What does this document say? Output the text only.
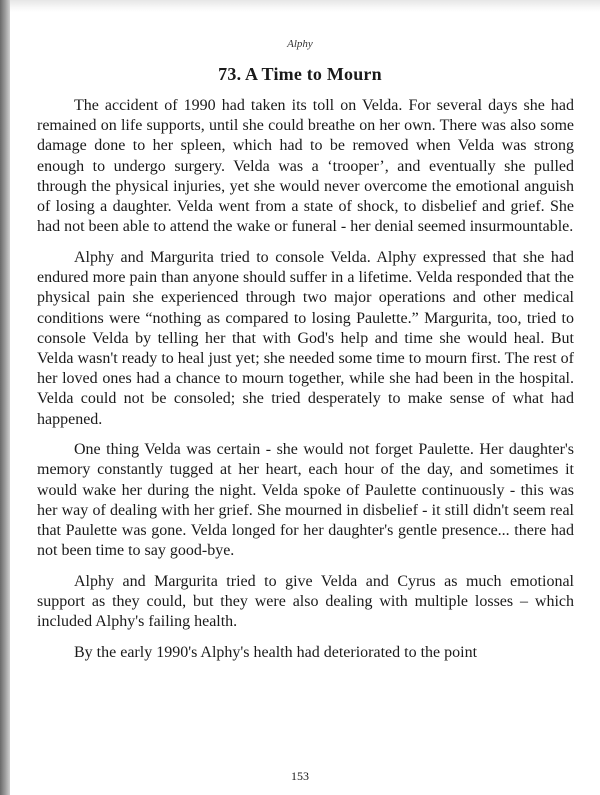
Alphy
73. A Time to Mourn

The accident of 1990 had taken its toll on Velda. For several days she had remained on life supports, until she could breathe on her own. There was also some damage done to her spleen, which had to be removed when Velda was strong enough to undergo surgery. Velda was a ‘trooper’, and eventually she pulled through the physical injuries, yet she would never overcome the emotional anguish of losing a daughter. Velda went from a state of shock, to disbelief and grief. She had not been able to attend the wake or funeral - her denial seemed insurmountable.

Alphy and Margurita tried to console Velda. Alphy expressed that she had endured more pain than anyone should suffer in a lifetime. Velda responded that the physical pain she experienced through two major operations and other medical conditions were “nothing as compared to losing Paulette.” Margurita, too, tried to console Velda by telling her that with God's help and time she would heal. But Velda wasn't ready to heal just yet; she needed some time to mourn first. The rest of her loved ones had a chance to mourn together, while she had been in the hospital. Velda could not be consoled; she tried desperately to make sense of what had happened.

One thing Velda was certain - she would not forget Paulette. Her daughter's memory constantly tugged at her heart, each hour of the day, and sometimes it would wake her during the night. Velda spoke of Paulette continuously - this was her way of dealing with her grief. She mourned in disbelief - it still didn't seem real that Paulette was gone. Velda longed for her daughter's gentle presence... there had not been time to say good-bye.

Alphy and Margurita tried to give Velda and Cyrus as much emotional support as they could, but they were also dealing with multiple losses – which included Alphy's failing health.

By the early 1990's Alphy's health had deteriorated to the point

153
